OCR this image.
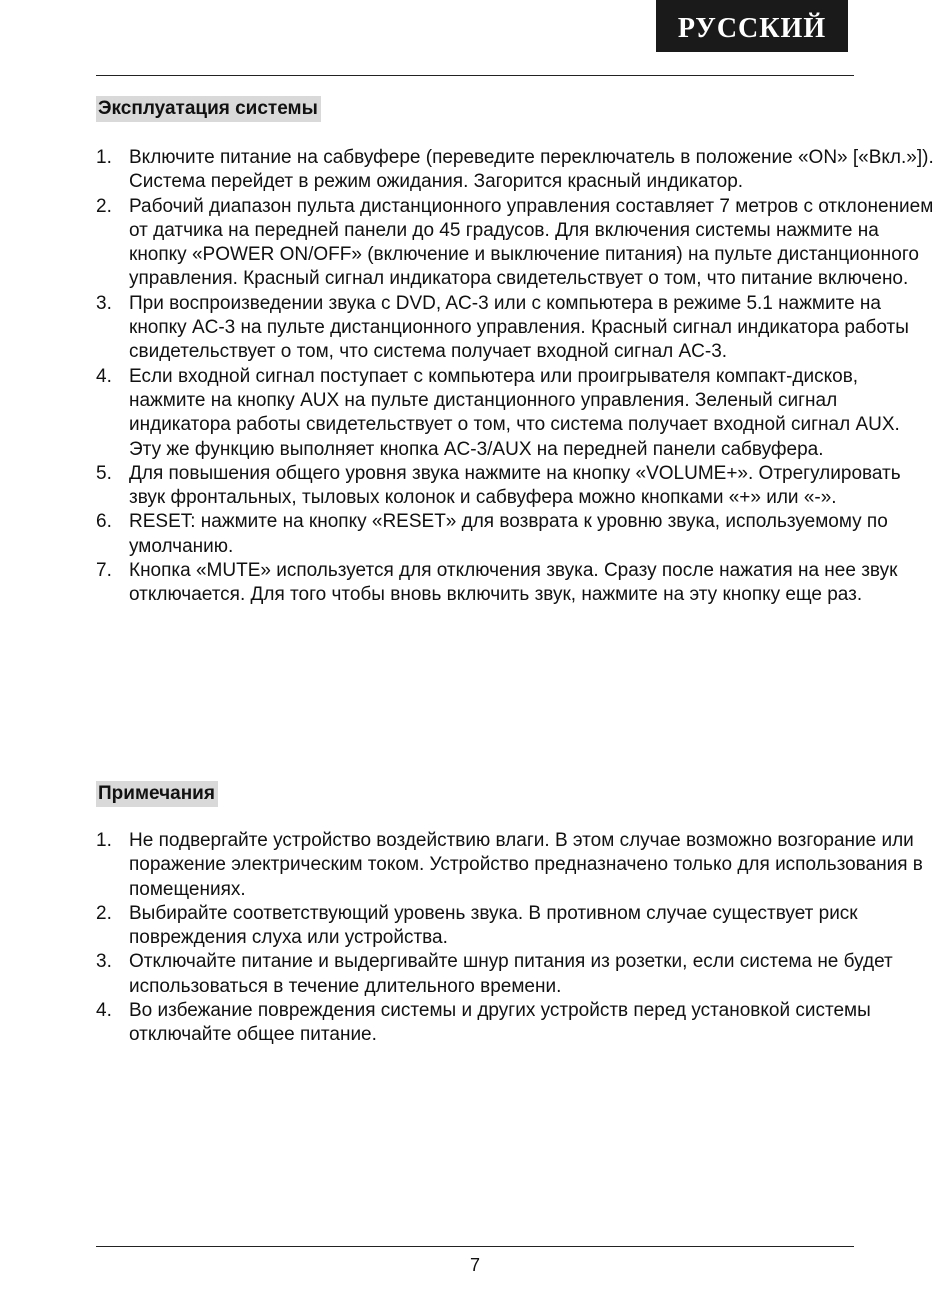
РУССКИЙ
Эксплуатация системы
1. Включите питание на сабвуфере (переведите переключатель в положение «ON» [«Вкл.»]). Система перейдет в режим ожидания. Загорится красный индикатор.
2. Рабочий диапазон пульта дистанционного управления составляет 7 метров с отклонением от датчика на передней панели до 45 градусов. Для включения системы нажмите на кнопку «POWER ON/OFF» (включение и выключение питания) на пульте дистанционного управления. Красный сигнал индикатора свидетельствует о том, что питание включено.
3. При воспроизведении звука с DVD, AC-3 или с компьютера в режиме 5.1 нажмите на кнопку AC-3 на пульте дистанционного управления. Красный сигнал индикатора работы свидетельствует о том, что система получает входной сигнал AC-3.
4. Если входной сигнал поступает с компьютера или проигрывателя компакт-дисков, нажмите на кнопку AUX на пульте дистанционного управления. Зеленый сигнал индикатора работы свидетельствует о том, что система получает входной сигнал AUX. Эту же функцию выполняет кнопка AC-3/AUX на передней панели сабвуфера.
5. Для повышения общего уровня звука нажмите на кнопку «VOLUME+». Отрегулировать звук фронтальных, тыловых колонок и сабвуфера можно кнопками «+» или «-».
6. RESET: нажмите на кнопку «RESET» для возврата к уровню звука, используемому по умолчанию.
7. Кнопка «MUTE» используется для отключения звука. Сразу после нажатия на нее звук отключается. Для того чтобы вновь включить звук, нажмите на эту кнопку еще раз.
Примечания
1. Не подвергайте устройство воздействию влаги. В этом случае возможно возгорание или поражение электрическим током. Устройство предназначено только для использования в помещениях.
2. Выбирайте соответствующий уровень звука. В противном случае существует риск повреждения слуха или устройства.
3. Отключайте питание и выдергивайте шнур питания из розетки, если система не будет использоваться в течение длительного времени.
4. Во избежание повреждения системы и других устройств перед установкой системы отключайте общее питание.
7
